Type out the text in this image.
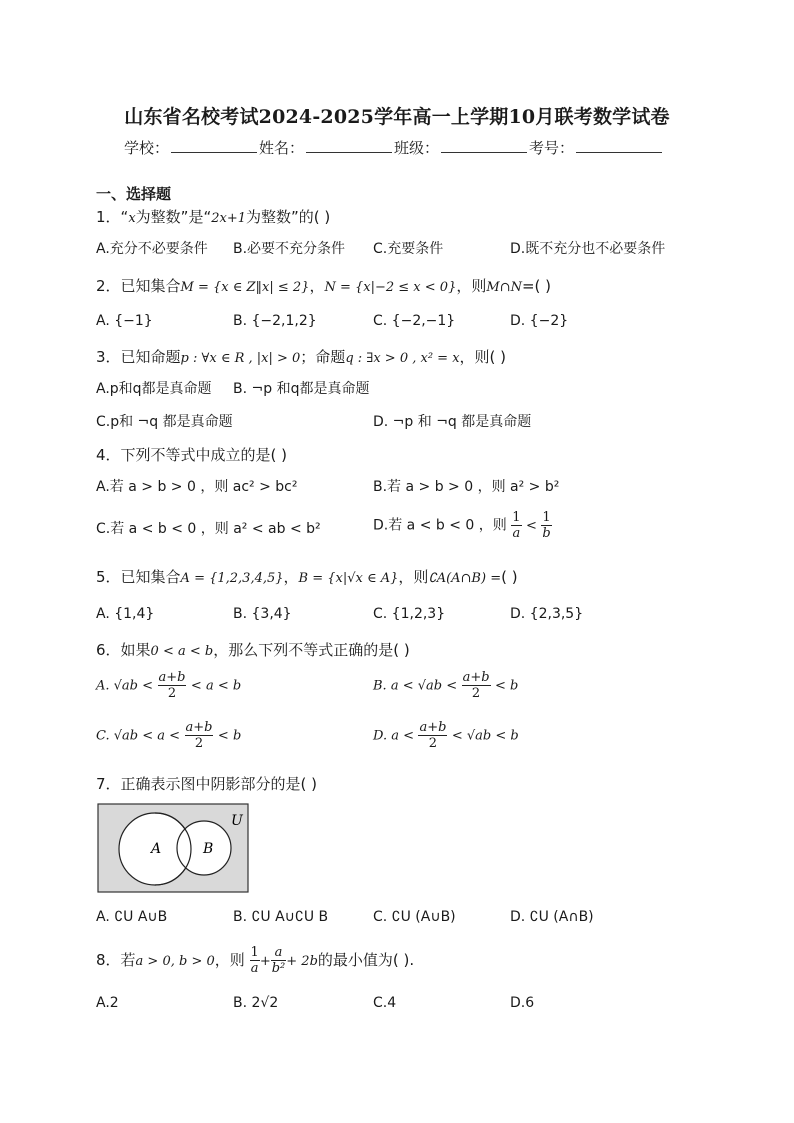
山东省名校考试2024-2025学年高一上学期10月联考数学试卷
学校：	姓名：	班级：	考号：
一、选择题
1．“x为整数”是“2x+1为整数”的( )
A.充分不必要条件 B.必要不充分条件 C.充要条件	D.既不充分也不必要条件
2．已知集合M = {x ∈ Z‖x| ≤ 2}，N = {x|−2 ≤ x < 0}，则M∩N=( )
A. {−1}	B. {−2,1,2}	C. {−2,−1}	D. {−2}
3．已知命题p : ∀x ∈ R , |x| > 0；命题q : ∃x > 0 , x² = x，则( )
A.p和q都是真命题 B. ¬p 和q都是真命题
C.p和 ¬q 都是真命题	D. ¬p 和 ¬q 都是真命题
4．下列不等式中成立的是( )
A.若 a > b > 0 ，则 ac² > bc²	B.若 a > b > 0 ，则 a² > b²
C.若 a < b < 0 ，则 a² < ab < b²	D.若 a < b < 0 ，则 $\frac{1}{a} < \frac{1}{b}$
5．已知集合A = {1,2,3,4,5}，B = {x|√x ∈ A}，则∁A(A∩B) =( )
A. {1,4}	B. {3,4}	C. {1,2,3}	D. {2,3,5}
6．如果0 < a < b，那么下列不等式正确的是( )
A. $√ab < \frac{a+b}{2} < a < b$	B. $a < √ab < \frac{a+b}{2} < b$
C. $√ab < a < \frac{a+b}{2} < b$	D. $a < \frac{a+b}{2} < √ab < b$
7．正确表示图中阴影部分的是( )
U
A	B
A. ∁U A∪B	B. ∁U A∪∁U B	C. ∁U (A∪B)	D. ∁U (A∩B)
8．若a > 0, b > 0，则 $\frac{1}{a} + \frac{a}{\text{b²}} + 2b$的最小值为( ).
A.2	B. 2√2	C.4	D.6
